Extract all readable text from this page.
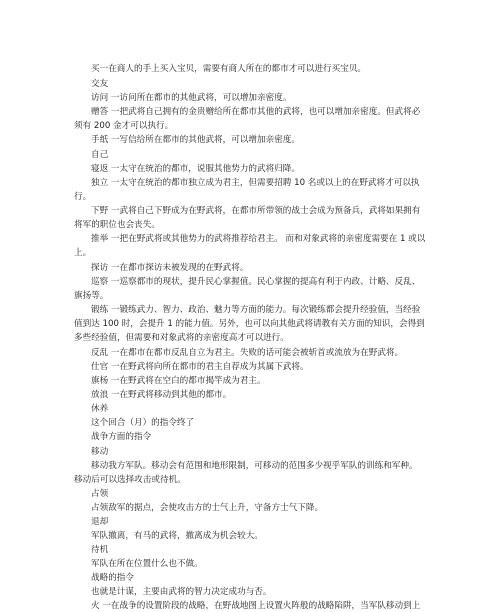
买一在商人的手上买入宝贝，需要有商人所在的都市才可以进行买宝贝。
交友
访问 一访问所在都市的其他武将，可以增加亲密度。
赠答 一把武将自己拥有的金贵赠给所在都市其他的武将，也可以增加亲密度。但武将必
须有 200 金才可以执行。
手纸 一写信给所在都市的其他武将，可以增加亲密度。
自己
寝返 一太守在统治的都市，说服其他势力的武将归降。
独立 一太守在统治的都市独立成为君主，但需要招聘 10 名或以上的在野武将才可以执
行。
下野 一武将自己下野成为在野武将，在都市所带领的战士会成为预备兵，武将如果拥有
将军的职位也会丧失。
推举 一把在野武将或其他势力的武将推荐给君主。 而和对象武将的亲密度需要在 1 或以
上。
探访 一在都市探访未被发现的在野武将。
巡察 一巡察都市的现状，提升民心掌握值。民心掌握的提高有利于内政、计略、反乱、
旗扬等。
锻练 一锻练武力、智力、政治、魅力等方面的能力。每次锻练都会提升经验值，当经验
值到达 100 时，会提升 1 的能力值。另外，也可以向其他武将请教有关方面的知识，会得到
多些经验值，但需要和对象武将的亲密度高才可以进行。
反乱 一在都市在都市反乱自立为君主。失败的话可能会被斩首或流放为在野武将。
仕官 一在野武将向所在都市的君主自荐成为其属下武将。
旗杨 一在野武将在空白的都市揭竿成为君主。
放浪 一在野武将移动到其他的都市。
休养
这个回合（月）的指令终了
战争方面的指令
移动
移动我方军队。移动会有范围和地形限制，可移动的范围多少视乎军队的训练和军种。
移动后可以选择攻击或待机。
占领
占领敌军的据点，会使攻击方的士气上升，守备方士气下降。
退却
军队撤离，有马的武将，撤离成为机会较大。
待机
军队在所在位置什么也不做。
战略的指令
也就是计谋，主要由武将的智力决定成功与否。
火 一在战争的设置阶段的战略，在野战地图上设置火阵般的战略陷阱，当军队移动到上
